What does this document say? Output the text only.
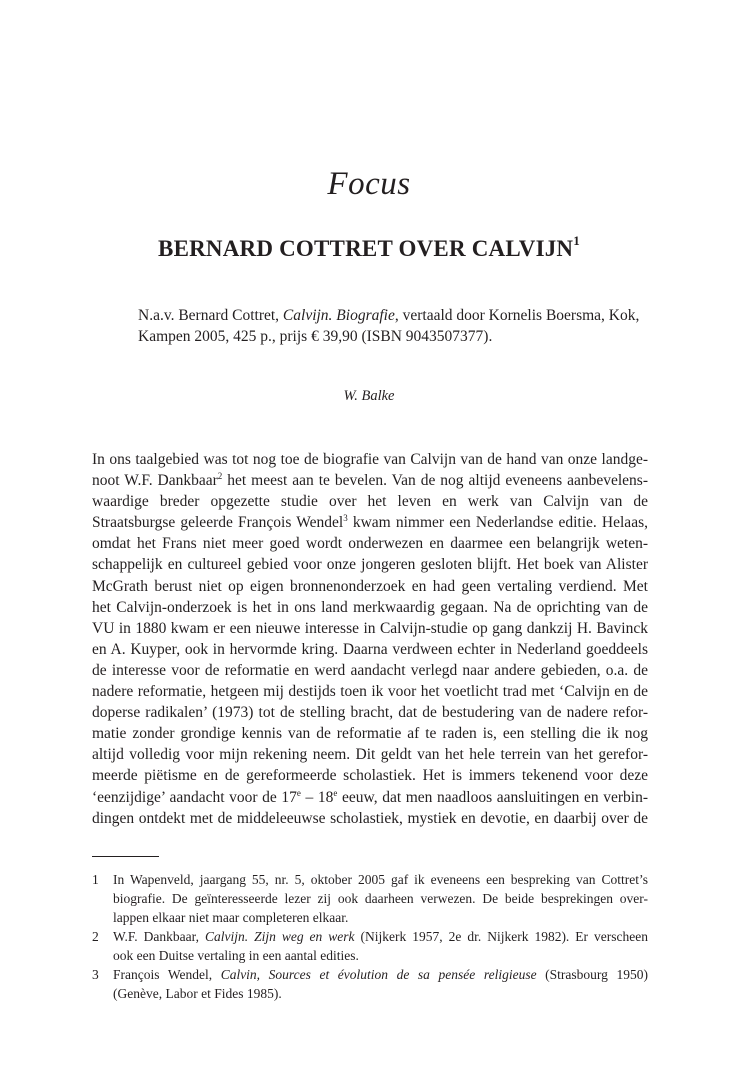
Focus
BERNARD COTTRET OVER CALVIJN$^1$
N.a.v. Bernard Cottret, Calvijn. Biografie, vertaald door Kornelis Boersma, Kok,
Kampen 2005, 425 p., prijs € 39,90 (ISBN 9043507377).
W. Balke
In ons taalgebied was tot nog toe de biografie van Calvijn van de hand van onze landge-
noot W.F. Dankbaar$^2$ het meest aan te bevelen. Van de nog altijd eveneens aanbevelens-
waardige breder opgezette studie over het leven en werk van Calvijn van de
Straatsburgse geleerde François Wendel$^3$ kwam nimmer een Nederlandse editie. Helaas,
omdat het Frans niet meer goed wordt onderwezen en daarmee een belangrijk weten-
schappelijk en cultureel gebied voor onze jongeren gesloten blijft. Het boek van Alister
McGrath berust niet op eigen bronnenonderzoek en had geen vertaling verdiend. Met
het Calvijn-onderzoek is het in ons land merkwaardig gegaan. Na de oprichting van de
VU in 1880 kwam er een nieuwe interesse in Calvijn-studie op gang dankzij H. Bavinck
en A. Kuyper, ook in hervormde kring. Daarna verdween echter in Nederland goeddeels
de interesse voor de reformatie en werd aandacht verlegd naar andere gebieden, o.a. de
nadere reformatie, hetgeen mij destijds toen ik voor het voetlicht trad met ‘Calvijn en de
doperse radikalen’ (1973) tot de stelling bracht, dat de bestudering van de nadere refor-
matie zonder grondige kennis van de reformatie af te raden is, een stelling die ik nog
altijd volledig voor mijn rekening neem. Dit geldt van het hele terrein van het gerefor-
meerde piëtisme en de gereformeerde scholastiek. Het is immers tekenend voor deze
‘eenzijdige’ aandacht voor de 17e – 18e eeuw, dat men naadloos aansluitingen en verbin-
dingen ontdekt met de middeleeuwse scholastiek, mystiek en devotie, en daarbij over de
1 In Wapenveld, jaargang 55, nr. 5, oktober 2005 gaf ik eveneens een bespreking van Cottret’s
biografie. De geïnteresseerde lezer zij ook daarheen verwezen. De beide besprekingen over-
lappen elkaar niet maar completeren elkaar.
2 W.F. Dankbaar, Calvijn. Zijn weg en werk (Nijkerk 1957, 2e dr. Nijkerk 1982). Er verscheen
ook een Duitse vertaling in een aantal edities.
3 François Wendel, Calvin, Sources et évolution de sa pensée religieuse (Strasbourg 1950)
(Genève, Labor et Fides 1985).
